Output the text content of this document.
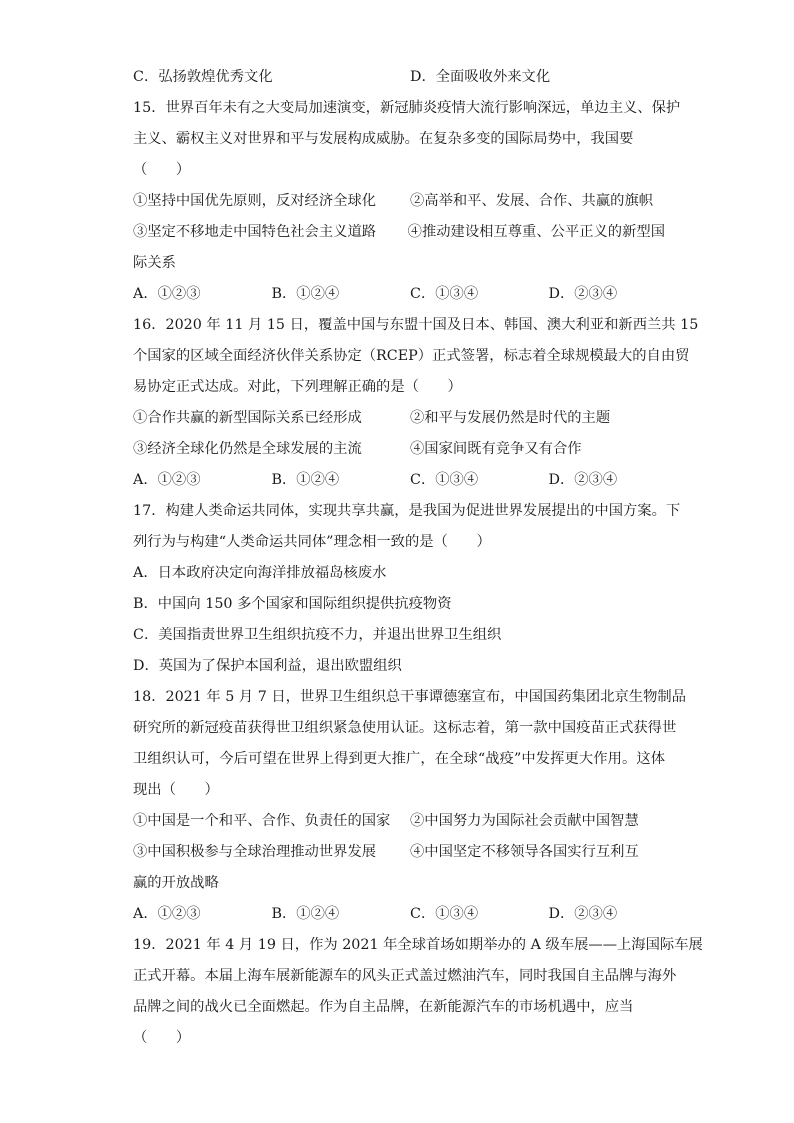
C．弘扬敦煌优秀文化	D．全面吸收外来文化
15．世界百年未有之大变局加速演变，新冠肺炎疫情大流行影响深远，单边主义、保护
主义、霸权主义对世界和平与发展构成威胁。在复杂多变的国际局势中，我国要
（　　）
①坚持中国优先原则，反对经济全球化	②高举和平、发展、合作、共赢的旗帜
③坚定不移地走中国特色社会主义道路	④推动建设相互尊重、公平正义的新型国
际关系
A．①②③	B．①②④	C．①③④	D．②③④
16．2020 年 11 月 15 日，覆盖中国与东盟十国及日本、韩国、澳大利亚和新西兰共 15
个国家的区域全面经济伙伴关系协定（RCEP）正式签署，标志着全球规模最大的自由贸
易协定正式达成。对此，下列理解正确的是（　　）
①合作共赢的新型国际关系已经形成	②和平与发展仍然是时代的主题
③经济全球化仍然是全球发展的主流	④国家间既有竞争又有合作
A．①②③	B．①②④	C．①③④	D．②③④
17．构建人类命运共同体，实现共享共赢，是我国为促进世界发展提出的中国方案。下
列行为与构建“人类命运共同体”理念相一致的是（　　）
A．日本政府决定向海洋排放福岛核废水
B．中国向 150 多个国家和国际组织提供抗疫物资
C．美国指责世界卫生组织抗疫不力，并退出世界卫生组织
D．英国为了保护本国利益，退出欧盟组织
18．2021 年 5 月 7 日，世界卫生组织总干事谭德塞宣布，中国国药集团北京生物制品
研究所的新冠疫苗获得世卫组织紧急使用认证。这标志着，第一款中国疫苗正式获得世
卫组织认可，今后可望在世界上得到更大推广，在全球“战疫”中发挥更大作用。这体
现出（　　）
①中国是一个和平、合作、负责任的国家	②中国努力为国际社会贡献中国智慧
③中国积极参与全球治理推动世界发展	④中国坚定不移领导各国实行互利互
赢的开放战略
A．①②③	B．①②④	C．①③④	D．②③④
19．2021 年 4 月 19 日，作为 2021 年全球首场如期举办的 A 级车展——上海国际车展
正式开幕。本届上海车展新能源车的风头正式盖过燃油汽车，同时我国自主品牌与海外
品牌之间的战火已全面燃起。作为自主品牌，在新能源汽车的市场机遇中，应当
（　　）
